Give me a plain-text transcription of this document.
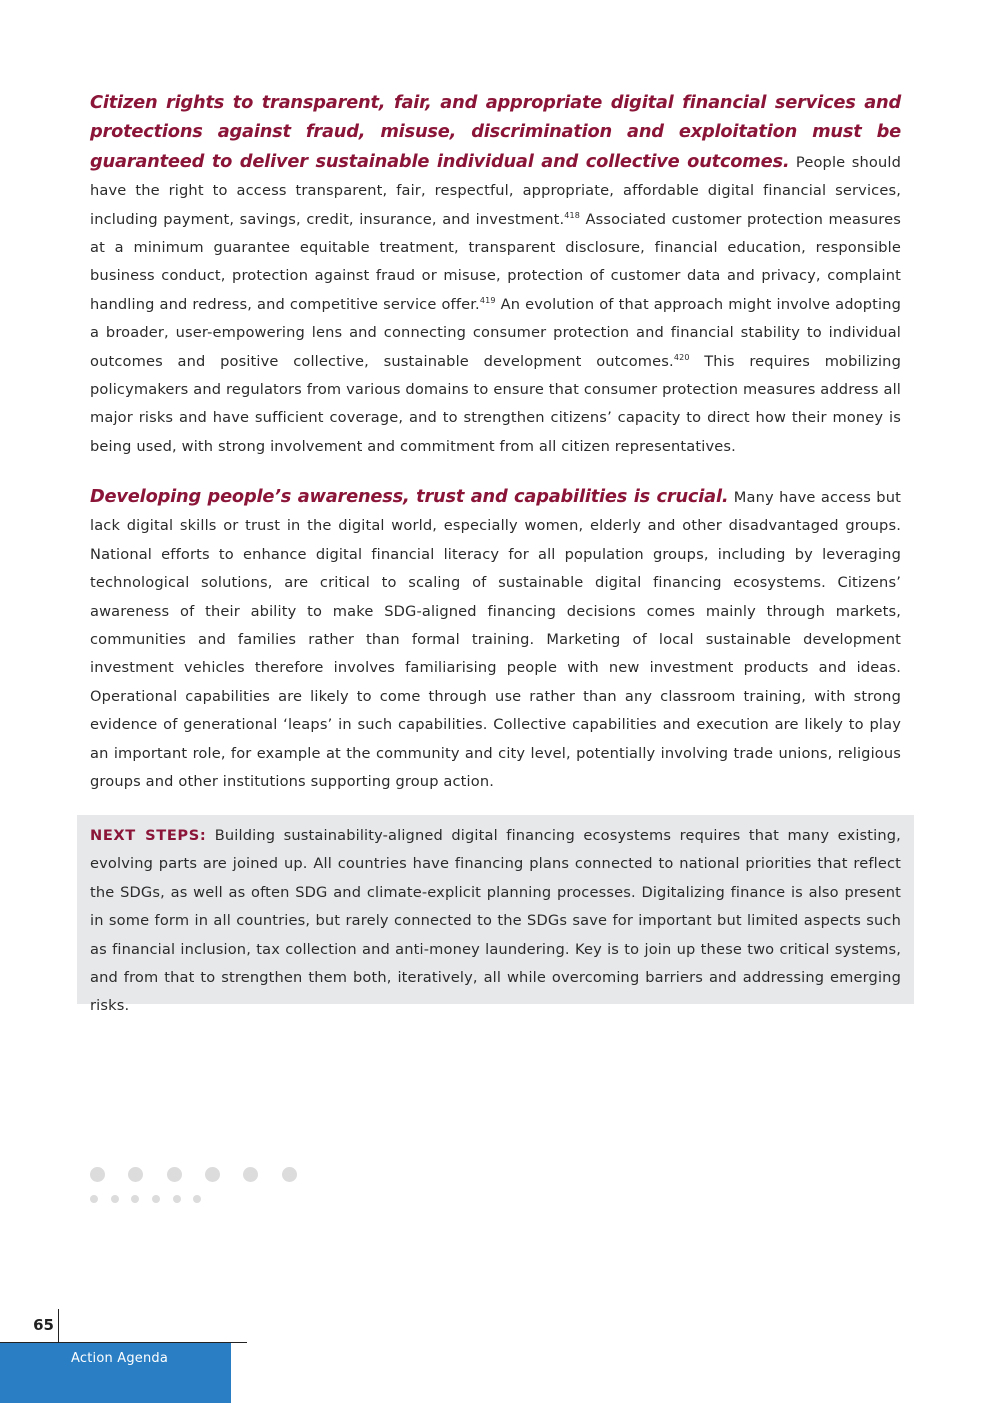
Citizen rights to transparent, fair, and appropriate digital financial services and protections against fraud, misuse, discrimination and exploitation must be guaranteed to deliver sustainable individual and collective outcomes. People should have the right to access transparent, fair, respectful, appropriate, affordable digital financial services, including payment, savings, credit, insurance, and investment.$^{418}$ Associated customer protection measures at a minimum guarantee equitable treatment, transparent disclosure, financial education, responsible business conduct, protection against fraud or misuse, protection of customer data and privacy, complaint handling and redress, and competitive service offer.$^{419}$ An evolution of that approach might involve adopting a broader, user-empowering lens and connecting consumer protection and financial stability to individual outcomes and positive collective, sustainable development outcomes.$^{420}$ This requires mobilizing policymakers and regulators from various domains to ensure that consumer protection measures address all major risks and have sufficient coverage, and to strengthen citizens’ capacity to direct how their money is being used, with strong involvement and commitment from all citizen representatives.
Developing people’s awareness, trust and capabilities is crucial. Many have access but lack digital skills or trust in the digital world, especially women, elderly and other disadvantaged groups. National efforts to enhance digital financial literacy for all population groups, including by leveraging technological solutions, are critical to scaling of sustainable digital financing ecosystems. Citizens’ awareness of their ability to make SDG-aligned financing decisions comes mainly through markets, communities and families rather than formal training. Marketing of local sustainable development investment vehicles therefore involves familiarising people with new investment products and ideas. Operational capabilities are likely to come through use rather than any classroom training, with strong evidence of generational ‘leaps’ in such capabilities. Collective capabilities and execution are likely to play an important role, for example at the community and city level, potentially involving trade unions, religious groups and other institutions supporting group action.
NEXT STEPS: Building sustainability-aligned digital financing ecosystems requires that many existing, evolving parts are joined up. All countries have financing plans connected to national priorities that reflect the SDGs, as well as often SDG and climate-explicit planning processes. Digitalizing finance is also present in some form in all countries, but rarely connected to the SDGs save for important but limited aspects such as financial inclusion, tax collection and anti-money laundering. Key is to join up these two critical systems, and from that to strengthen them both, iteratively, all while overcoming barriers and addressing emerging risks.
65
Action Agenda
